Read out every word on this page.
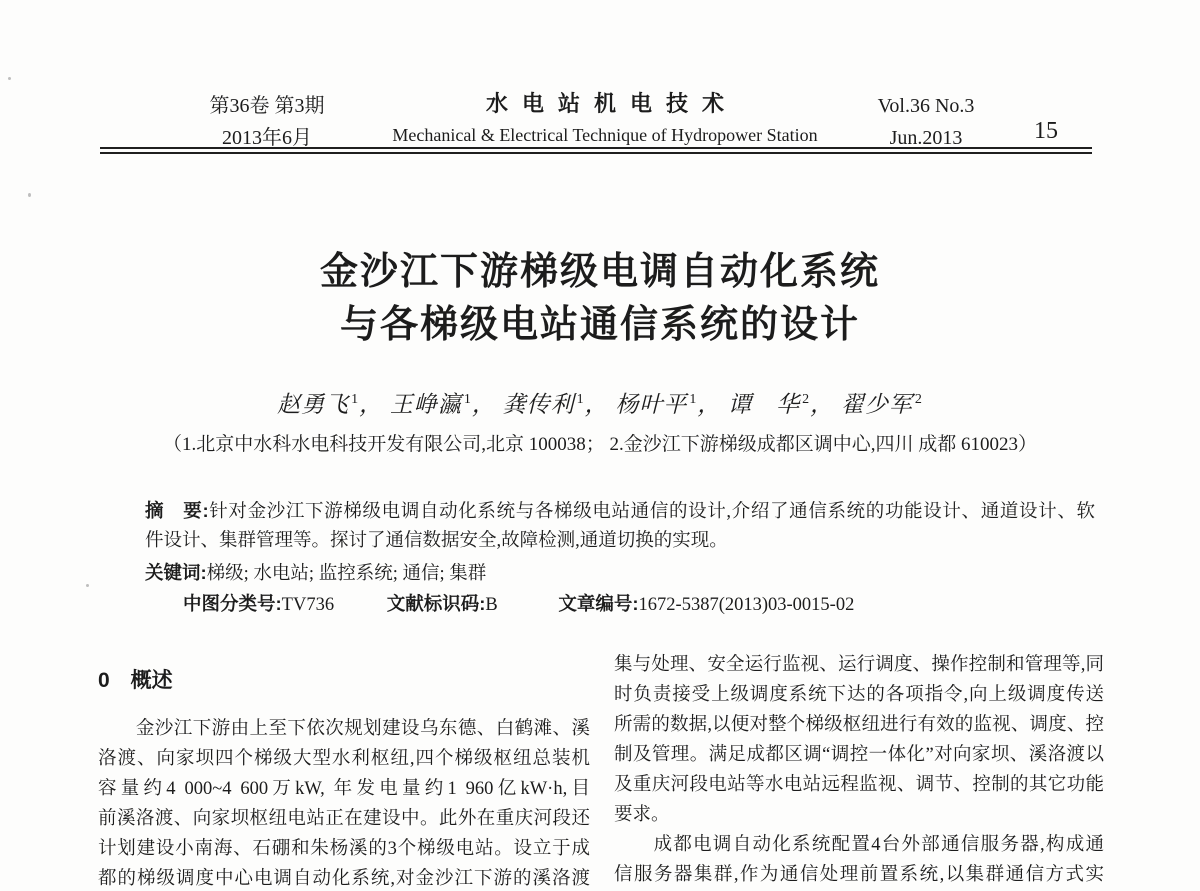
第36卷 第3期
2013年6月
水电站机电技术
Mechanical & Electrical Technique of Hydropower Station
Vol.36 No.3
Jun.2013	15
金沙江下游梯级电调自动化系统
与各梯级电站通信系统的设计
赵勇飞 $^1$， 王峥瀛 $^1$， 龚传利 $^1$， 杨叶平 $^1$， 谭　华 $^2$， 翟少军 $^2$
（1.北京中水科水电科技开发有限公司,北京 100038； 2.金沙江下游梯级成都区调中心,四川 成都 610023）
摘　要:针对金沙江下游梯级电调自动化系统与各梯级电站通信的设计,介绍了通信系统的功能设计、通道设计、软
件设计、集群管理等。探讨了通信数据安全,故障检测,通道切换的实现。
关键词:梯级; 水电站; 监控系统; 通信; 集群
中图分类号:TV736	文献标识码:B	文章编号:1672-5387(2013)03-0015-02
0　概述
　　金沙江下游由上至下依次规划建设乌东德、白鹤滩、溪
洛渡、向家坝四个梯级大型水利枢纽,四个梯级枢纽总装机
容量约4 000~4 600万kW, 年发电量约1 960亿kW·h,目
前溪洛渡、向家坝枢纽电站正在建设中。此外在重庆河段还
计划建设小南海、石硼和朱杨溪的3个梯级电站。设立于成
都的梯级调度中心电调自动化系统,对金沙江下游的溪洛渡
集与处理、安全运行监视、运行调度、操作控制和管理等,同
时负责接受上级调度系统下达的各项指令,向上级调度传送
所需的数据,以便对整个梯级枢纽进行有效的监视、调度、控
制及管理。满足成都区调“调控一体化”对向家坝、溪洛渡以
及重庆河段电站等水电站远程监视、调节、控制的其它功能
要求。
　　成都电调自动化系统配置4台外部通信服务器,构成通
信服务器集群,作为通信处理前置系统,以集群通信方式实
